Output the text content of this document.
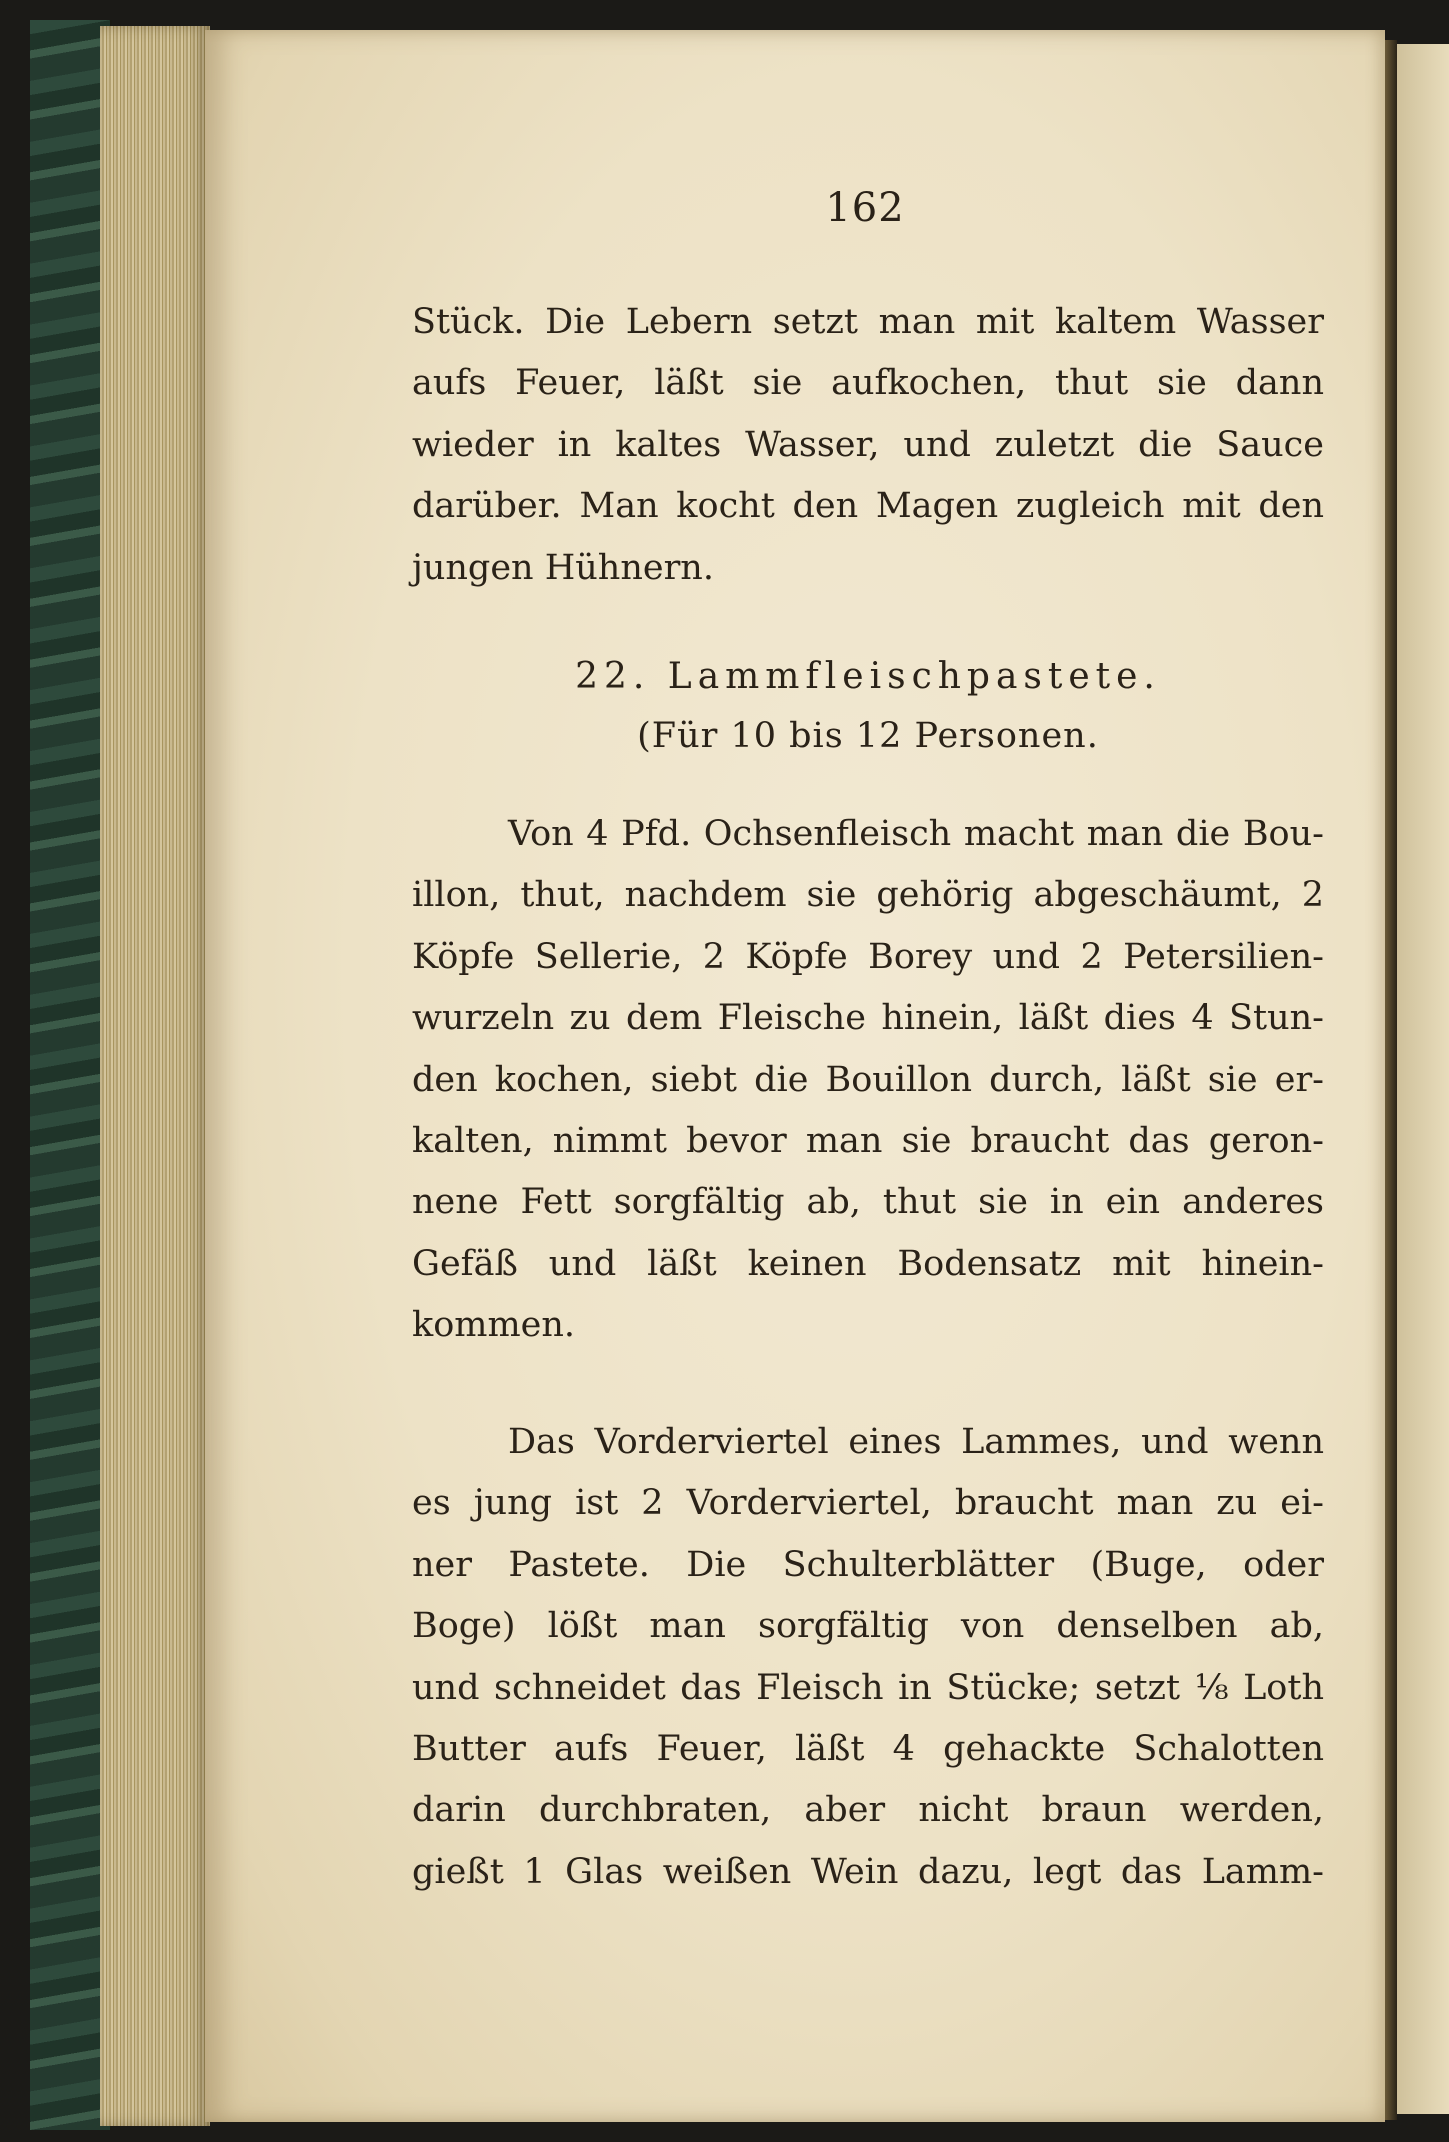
162
Stück. Die Lebern setzt man mit kaltem Wasser
aufs Feuer, läßt sie aufkochen, thut sie dann
wieder in kaltes Wasser, und zuletzt die Sauce
darüber. Man kocht den Magen zugleich mit den
jungen Hühnern.
22. Lammfleischpastete.
(Für 10 bis 12 Personen.
Von 4 Pfd. Ochsenfleisch macht man die Bou-
illon, thut, nachdem sie gehörig abgeschäumt, 2
Köpfe Sellerie, 2 Köpfe Borey und 2 Petersilien-
wurzeln zu dem Fleische hinein, läßt dies 4 Stun-
den kochen, siebt die Bouillon durch, läßt sie er-
kalten, nimmt bevor man sie braucht das geron-
nene Fett sorgfältig ab, thut sie in ein anderes
Gefäß und läßt keinen Bodensatz mit hinein-
kommen.
Das Vorderviertel eines Lammes, und wenn
es jung ist 2 Vorderviertel, braucht man zu ei-
ner Pastete. Die Schulterblätter (Buge, oder
Boge) lößt man sorgfältig von denselben ab,
und schneidet das Fleisch in Stücke; setzt ⅛ Loth
Butter aufs Feuer, läßt 4 gehackte Schalotten
darin durchbraten, aber nicht braun werden,
gießt 1 Glas weißen Wein dazu, legt das Lamm-
